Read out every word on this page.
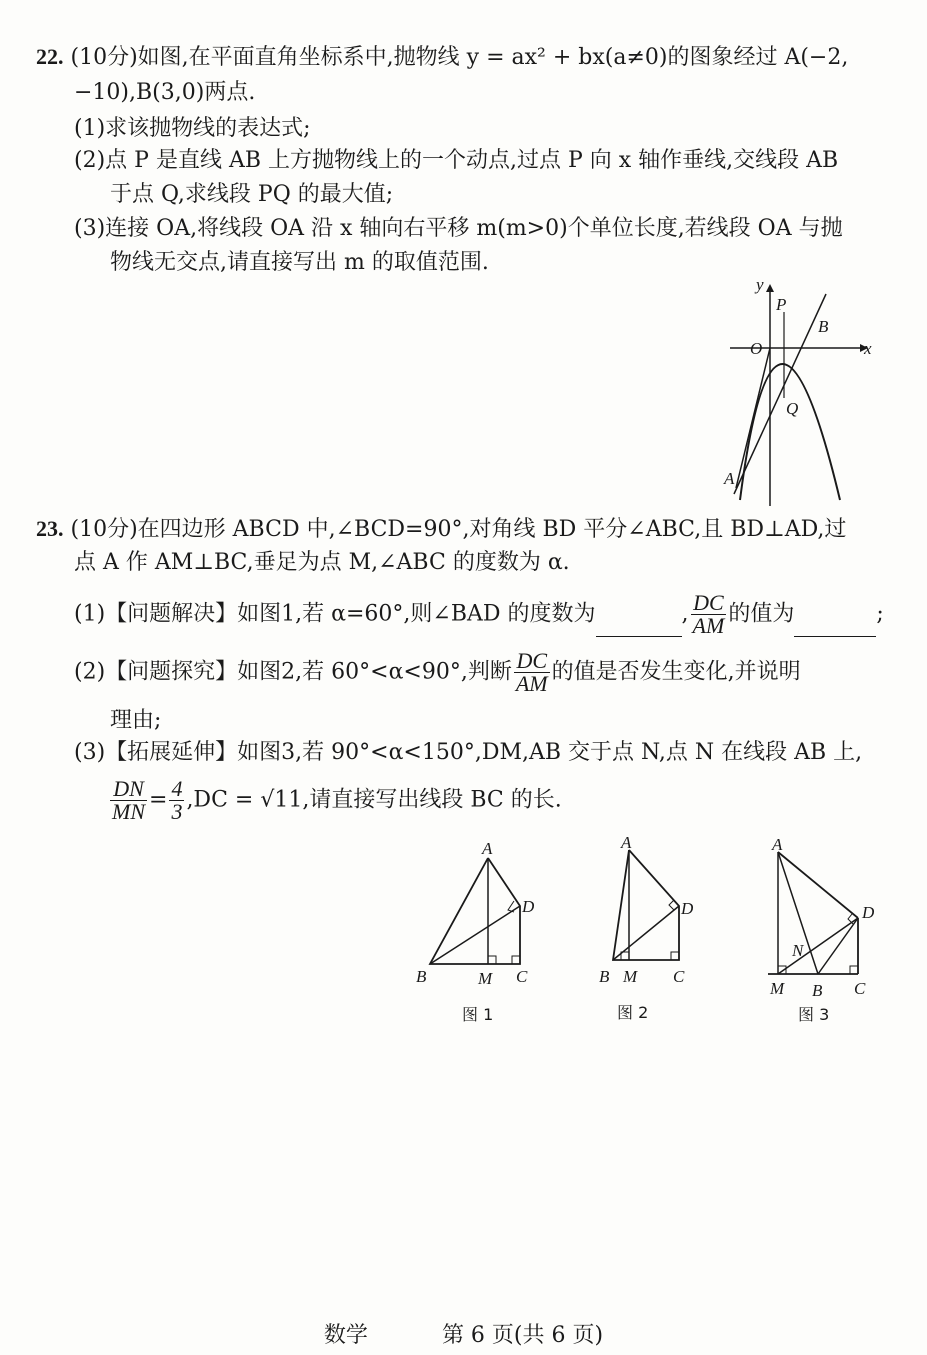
22. (10分)如图,在平面直角坐标系中,抛物线 y = ax² + bx(a≠0)的图象经过 A(−2,
−10),B(3,0)两点.
(1)求该抛物线的表达式;
(2)点 P 是直线 AB 上方抛物线上的一个动点,过点 P 向 x 轴作垂线,交线段 AB
于点 Q,求线段 PQ 的最大值;
(3)连接 OA,将线段 OA 沿 x 轴向右平移 m(m>0)个单位长度,若线段 OA 与抛
物线无交点,请直接写出 m 的取值范围.
y
x
O
P
B
Q
A
23. (10分)在四边形 ABCD 中,∠BCD=90°,对角线 BD 平分∠ABC,且 BD⊥AD,过
点 A 作 AM⊥BC,垂足为点 M,∠ABC 的度数为 α.
(1)【问题解决】如图1,若 α=60°,则∠BAD 的度数为	, $\frac{DC}{AM}$ 的值为	;
(2)【问题探究】如图2,若 60°<α<90°,判断 $\frac{DC}{AM}$ 的值是否发生变化,并说明
理由;
(3)【拓展延伸】如图3,若 90°<α<150°,DM,AB 交于点 N,点 N 在线段 AB 上,
$\frac{DN}{MN} = \frac{4}{3} ,DC = √11$,请直接写出线段 BC 的长.
A
D
B	M C
图 1
A
D
B M C
图 2
A
D
N
M B C
图 3
数学	第 6 页(共 6 页)
